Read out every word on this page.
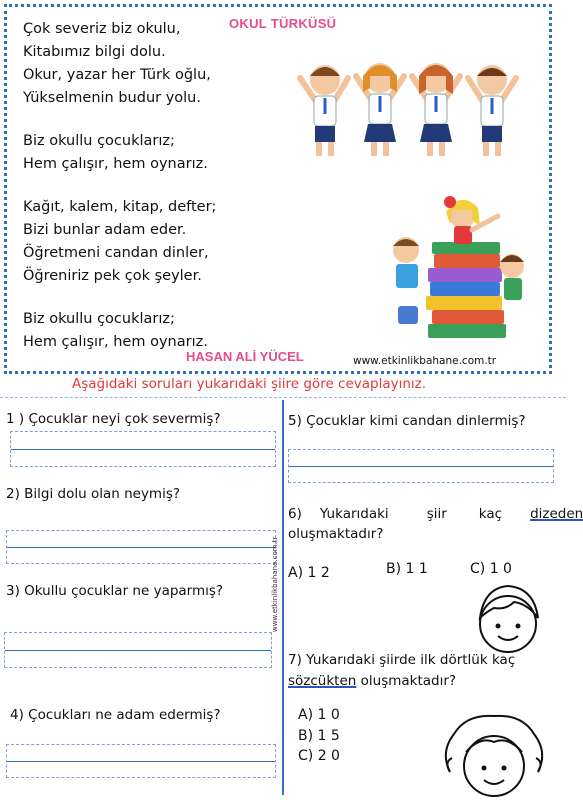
OKUL TÜRKÜSÜ
Çok severiz biz okulu,
Kitabımız bilgi dolu.
Okur, yazar her Türk oğlu,
Yükselmenin budur yolu.
Biz okullu çocuklarız;
Hem çalışır, hem oynarız.
Kağıt, kalem, kitap, defter;
Bizi bunlar adam eder.
Öğretmeni candan dinler,
Öğreniriz pek çok şeyler.
Biz okullu çocuklarız;
Hem çalışır, hem oynarız.
HASAN ALİ YÜCEL	www.etkinlikbahane.com.tr
Aşağıdaki soruları yukarıdaki şiire göre cevaplayınız.
1 ) Çocuklar neyi çok severmiş?
2) Bilgi dolu olan neymiş?
3) Okullu çocuklar ne yaparmış?
4) Çocukları ne adam edermiş?
www.etkinlikbahane.com.tr
5) Çocuklar kimi candan dinlermiş?
6) Yukarıdaki	şiir kaç dizeden
oluşmaktadır?
A) 1 2	B) 1 1	C) 1 0
7) Yukarıdaki şiirde ilk dörtlük kaç
sözcükten oluşmaktadır?
A) 1 0
B) 1 5
C) 2 0
